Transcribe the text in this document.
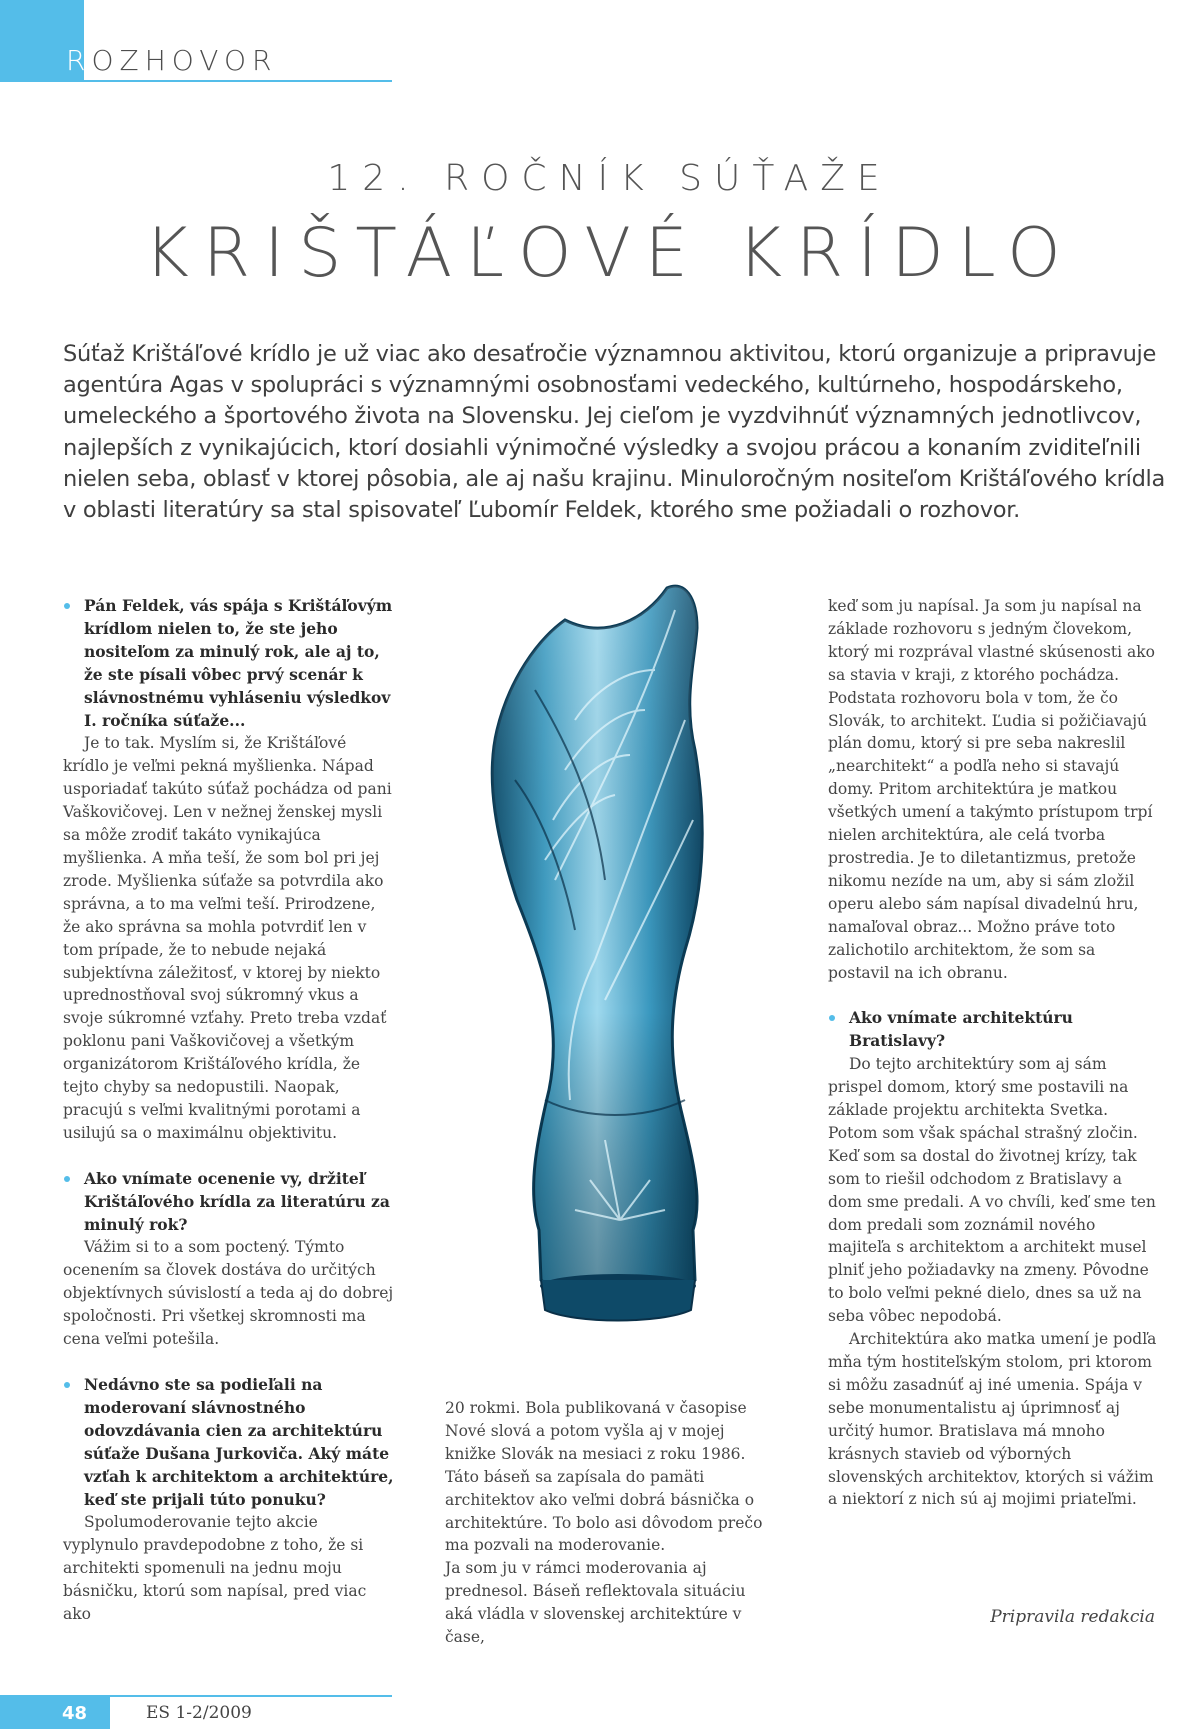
ROZHOVOR

12. ROČNÍK SÚŤAŽE
KRIŠTÁĽOVÉ KRÍDLO

Súťaž Krištáľové krídlo je už viac ako desaťročie významnou aktivitou, ktorú organizuje a pripravuje agentúra Agas v spolupráci s významnými osobnosťami vedeckého, kultúrneho, hospodárskeho, umeleckého a športového života na Slovensku. Jej cieľom je vyzdvihnúť významných jednotlivcov, najlepších z vynikajúcich, ktorí dosiahli výnimočné výsledky a svojou prácou a konaním zviditeľnili nielen seba, oblasť v ktorej pôsobia, ale aj našu krajinu. Minuloročným nositeľom Krištáľového krídla v oblasti literatúry sa stal spisovateľ Ľubomír Feldek, ktorého sme požiadali o rozhovor.

Pán Feldek, vás spája s Krištáľovým krídlom nielen to, že ste jeho nositeľom za minulý rok, ale aj to, že ste písali vôbec prvý scenár k slávnostnému vyhláseniu výsledkov I. ročníka súťaže...

Je to tak. Myslím si, že Krištáľové krídlo je veľmi pekná myšlienka. Nápad usporiadať takúto súťaž pochádza od pani Vaškovičovej. Len v nežnej ženskej mysli sa môže zrodiť takáto vynikajúca myšlienka. A mňa teší, že som bol pri jej zrode. Myšlienka súťaže sa potvrdila ako správna, a to ma veľmi teší. Prirodzene, že ako správna sa mohla potvrdiť len v tom prípade, že to nebude nejaká subjektívna záležitosť, v ktorej by niekto uprednostňoval svoj súkromný vkus a svoje súkromné vzťahy. Preto treba vzdať poklonu pani Vaškovičovej a všetkým organizátorom Krištáľového krídla, že tejto chyby sa nedopustili. Naopak, pracujú s veľmi kvalitnými porotami a usilujú sa o maximálnu objektivitu.

Ako vnímate ocenenie vy, držiteľ Krištáľového krídla za literatúru za minulý rok?

Vážim si to a som poctený. Týmto ocenením sa človek dostáva do určitých objektívnych súvislostí a teda aj do dobrej spoločnosti. Pri všetkej skromnosti ma cena veľmi potešila.

Nedávno ste sa podieľali na moderovaní slávnostného odovzdávania cien za architektúru súťaže Dušana Jurkoviča. Aký máte vzťah k architektom a architektúre, keď ste prijali túto ponuku?

Spolumoderovanie tejto akcie vyplynulo pravdepodobne z toho, že si architekti spomenuli na jednu moju básničku, ktorú som napísal, pred viac ako

20 rokmi. Bola publikovaná v časopise Nové slová a potom vyšla aj v mojej knižke Slovák na mesiaci z roku 1986. Táto báseň sa zapísala do pamäti architektov ako veľmi dobrá básnička o architektúre. To bolo asi dôvodom prečo ma pozvali na moderovanie.

Ja som ju v rámci moderovania aj prednesol. Báseň reflektovala situáciu aká vládla v slovenskej architektúre v čase,

keď som ju napísal. Ja som ju napísal na základe rozhovoru s jedným človekom, ktorý mi rozprával vlastné skúsenosti ako sa stavia v kraji, z ktorého pochádza. Podstata rozhovoru bola v tom, že čo Slovák, to architekt. Ľudia si požičiavajú plán domu, ktorý si pre seba nakreslil „nearchitekt“ a podľa neho si stavajú domy. Pritom architektúra je matkou všetkých umení a takýmto prístupom trpí nielen architektúra, ale celá tvorba prostredia. Je to diletantizmus, pretože nikomu nezíde na um, aby si sám zložil operu alebo sám napísal divadelnú hru, namaľoval obraz... Možno práve toto zalichotilo architektom, že som sa postavil na ich obranu.

Ako vnímate architektúru Bratislavy?

Do tejto architektúry som aj sám prispel domom, ktorý sme postavili na základe projektu architekta Svetka. Potom som však spáchal strašný zločin. Keď som sa dostal do životnej krízy, tak som to riešil odchodom z Bratislavy a dom sme predali. A vo chvíli, keď sme ten dom predali som zoznámil nového majiteľa s architektom a architekt musel plniť jeho požiadavky na zmeny. Pôvodne to bolo veľmi pekné dielo, dnes sa už na seba vôbec nepodobá.

Architektúra ako matka umení je podľa mňa tým hostiteľským stolom, pri ktorom si môžu zasadnúť aj iné umenia. Spája v sebe monumentalistu aj úprimnosť aj určitý humor. Bratislava má mnoho krásnych stavieb od výborných slovenských architektov, ktorých si vážim a niektorí z nich sú aj mojimi priateľmi.

Pripravila redakcia

48	ES 1-2/2009
